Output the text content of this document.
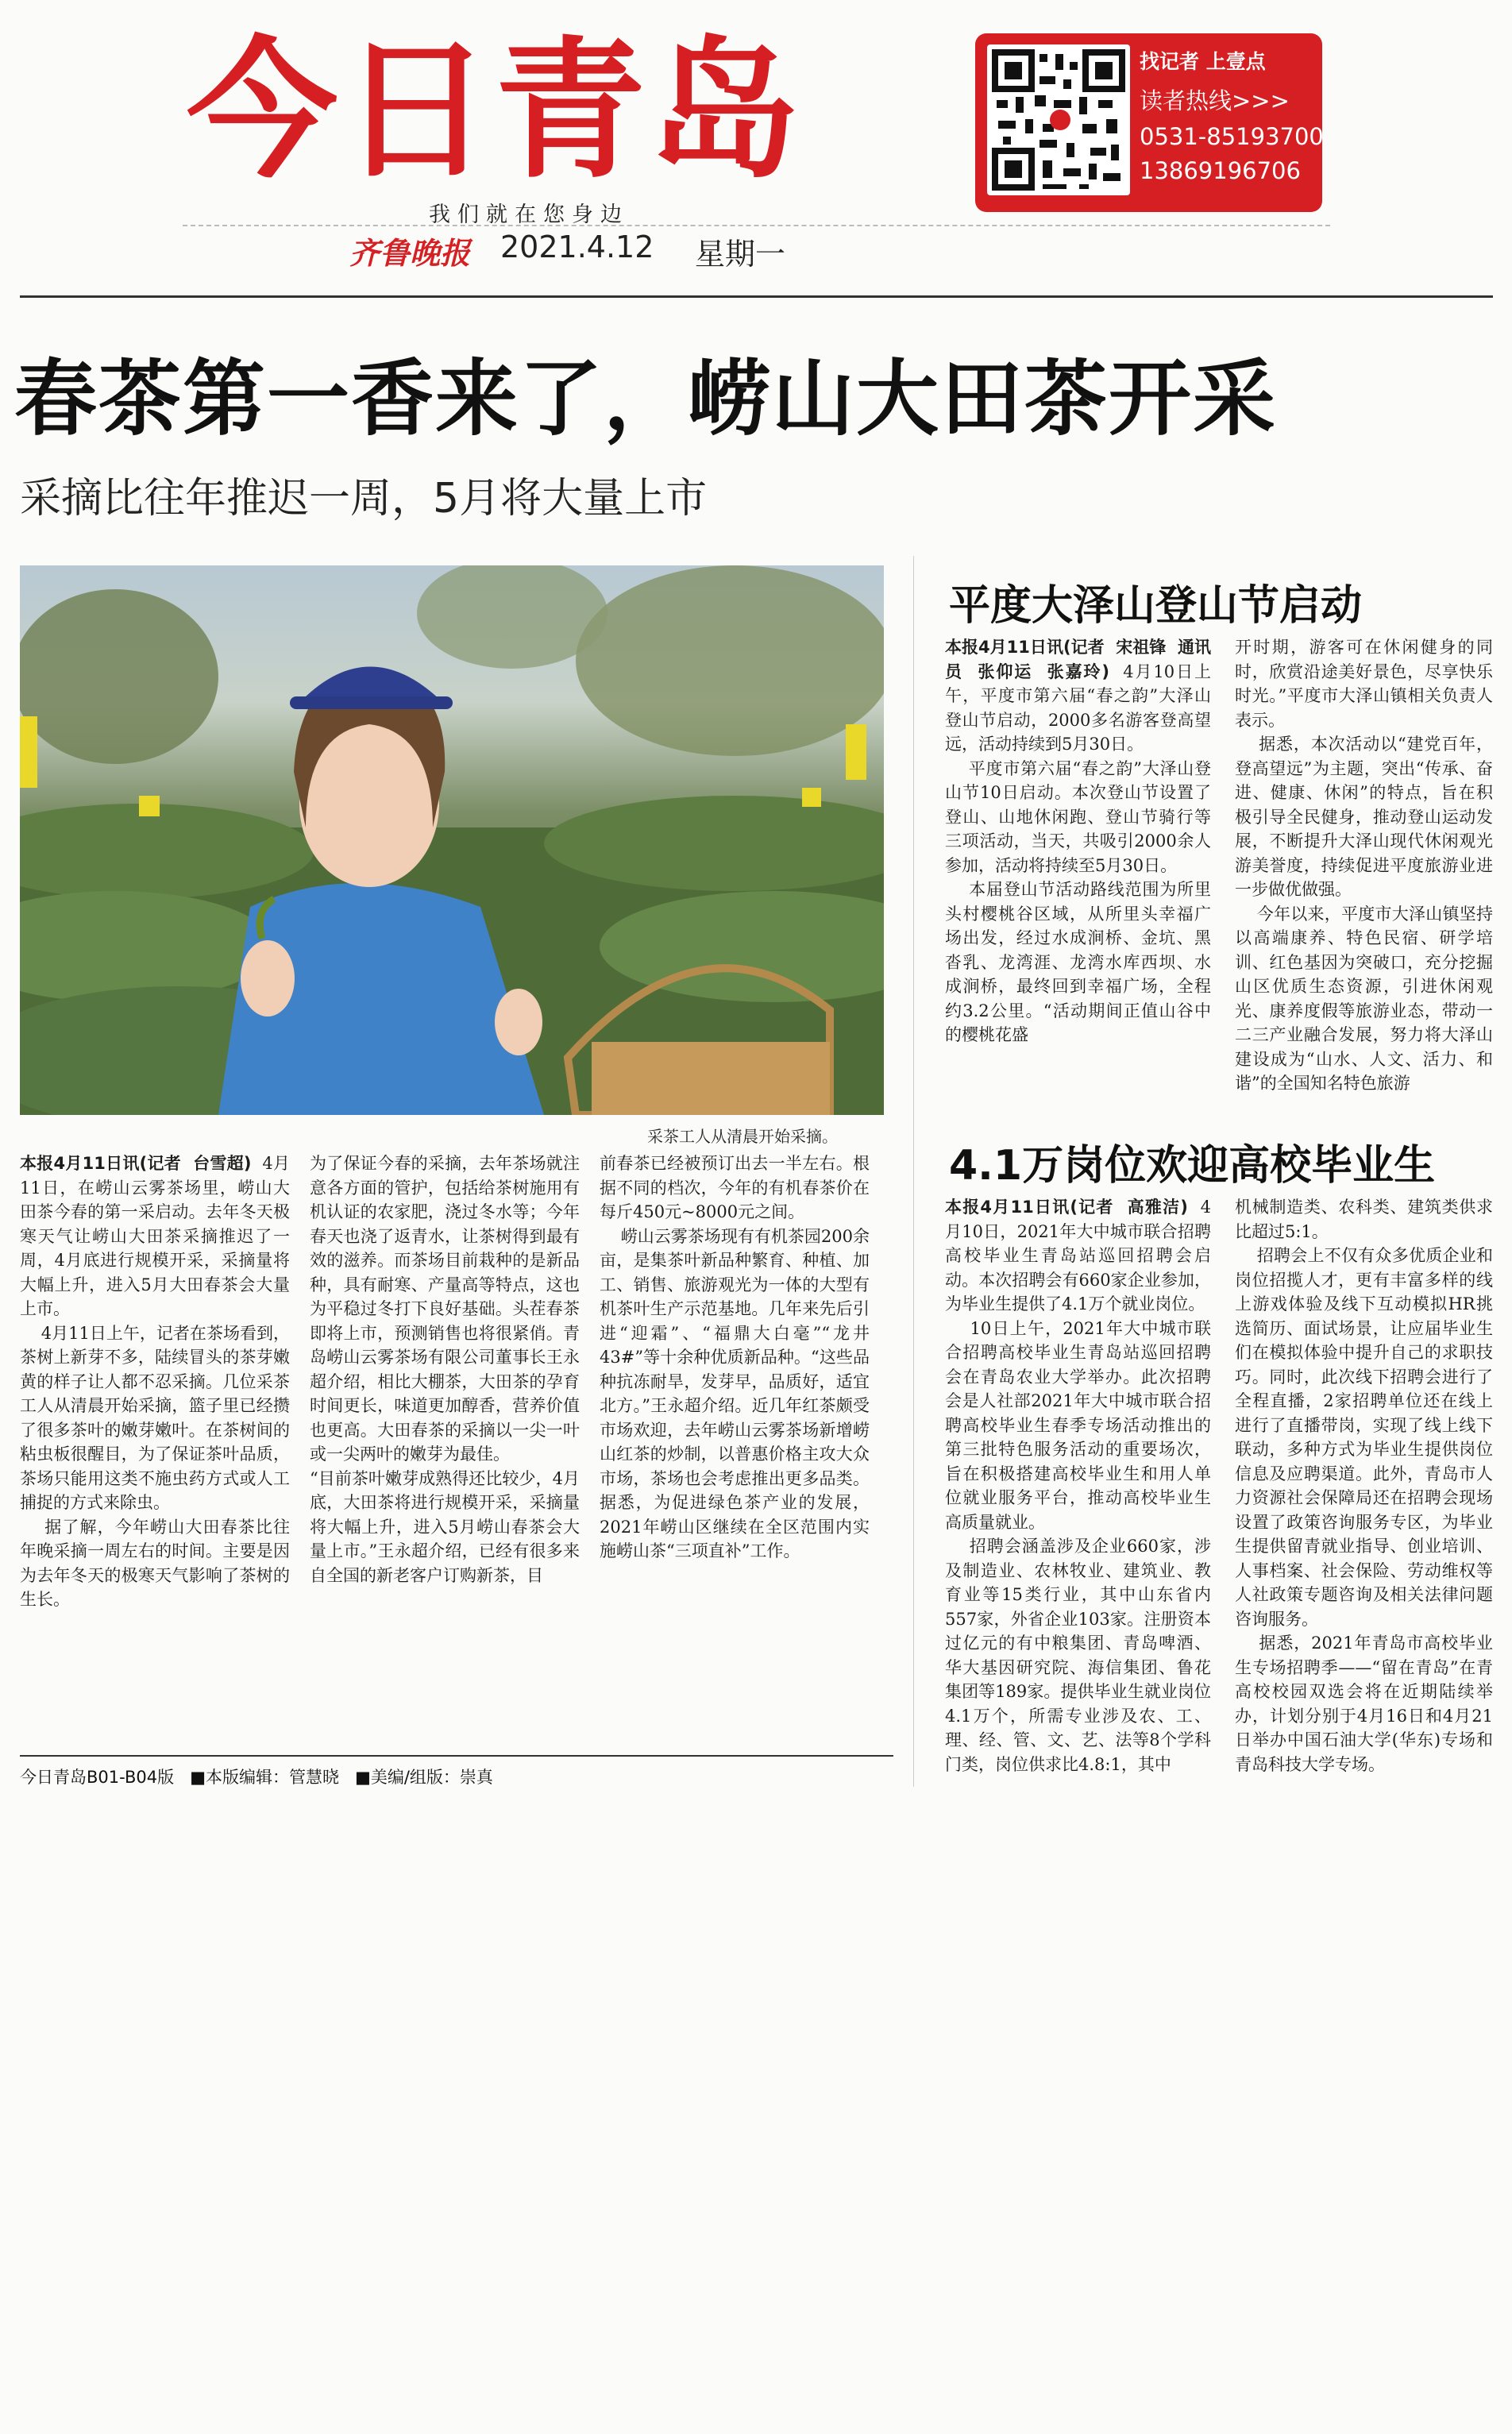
今日青岛
我们就在您身边
齐鲁晚报 2021.4.12 星期一
找记者 上壹点
读者热线>>>
0531-85193700
13869196706
春茶第一香来了，崂山大田茶开采
采摘比往年推迟一周，5月将大量上市
采茶工人从清晨开始采摘。
本报4月11日讯(记者  台雪超)  4月11日，在崂山云雾茶场里，崂山大田茶今春的第一采启动。去年冬天极寒天气让崂山大田茶采摘推迟了一周，4月底进行规模开采，采摘量将大幅上升，进入5月大田春茶会大量上市。
4月11日上午，记者在茶场看到，茶树上新芽不多，陆续冒头的茶芽嫩黄的样子让人都不忍采摘。几位采茶工人从清晨开始采摘，篮子里已经攒了很多茶叶的嫩芽嫩叶。在茶树间的粘虫板很醒目，为了保证茶叶品质，茶场只能用这类不施虫药方式或人工捕捉的方式来除虫。
据了解，今年崂山大田春茶比往年晚采摘一周左右的时间。主要是因为去年冬天的极寒天气影响了茶树的生长。
为了保证今春的采摘，去年茶场就注意各方面的管护，包括给茶树施用有机认证的农家肥，浇过冬水等；今年春天也浇了返青水，让茶树得到最有效的滋养。而茶场目前栽种的是新品种，具有耐寒、产量高等特点，这也为平稳过冬打下良好基础。头茬春茶即将上市，预测销售也将很紧俏。青岛崂山云雾茶场有限公司董事长王永超介绍，相比大棚茶，大田茶的孕育时间更长，味道更加醇香，营养价值也更高。大田春茶的采摘以一尖一叶或一尖两叶的嫩芽为最佳。
“目前茶叶嫩芽成熟得还比较少，4月底，大田茶将进行规模开采，采摘量将大幅上升，进入5月崂山春茶会大量上市。”王永超介绍，已经有很多来自全国的新老客户订购新茶，目
前春茶已经被预订出去一半左右。根据不同的档次，今年的有机春茶价在每斤450元~8000元之间。
崂山云雾茶场现有有机茶园200余亩，是集茶叶新品种繁育、种植、加工、销售、旅游观光为一体的大型有机茶叶生产示范基地。几年来先后引进“迎霜”、“福鼎大白毫”“龙井43#”等十余种优质新品种。“这些品种抗冻耐旱，发芽早，品质好，适宜北方。”王永超介绍。近几年红茶颇受市场欢迎，去年崂山云雾茶场新增崂山红茶的炒制，以普惠价格主攻大众市场，茶场也会考虑推出更多品类。据悉，为促进绿色茶产业的发展，2021年崂山区继续在全区范围内实施崂山茶“三项直补”工作。
今日青岛B01-B04版 ■本版编辑：管慧晓 ■美编/组版：崇真
平度大泽山登山节启动
本报4月11日讯(记者  宋祖锋  通讯员  张仰运  张嘉玲)  4月10日上午，平度市第六届“春之韵”大泽山登山节启动，2000多名游客登高望远，活动持续到5月30日。
平度市第六届“春之韵”大泽山登山节10日启动。本次登山节设置了登山、山地休闲跑、登山节骑行等三项活动，当天，共吸引2000余人参加，活动将持续至5月30日。
本届登山节活动路线范围为所里头村樱桃谷区域，从所里头幸福广场出发，经过水成涧桥、金坑、黑沓乳、龙湾涯、龙湾水库西坝、水成涧桥，最终回到幸福广场，全程约3.2公里。“活动期间正值山谷中的樱桃花盛
开时期，游客可在休闲健身的同时，欣赏沿途美好景色，尽享快乐时光。”平度市大泽山镇相关负责人表示。
据悉，本次活动以“建党百年，登高望远”为主题，突出“传承、奋进、健康、休闲”的特点，旨在积极引导全民健身，推动登山运动发展，不断提升大泽山现代休闲观光游美誉度，持续促进平度旅游业进一步做优做强。
今年以来，平度市大泽山镇坚持以高端康养、特色民宿、研学培训、红色基因为突破口，充分挖掘山区优质生态资源，引进休闲观光、康养度假等旅游业态，带动一二三产业融合发展，努力将大泽山建设成为“山水、人文、活力、和谐”的全国知名特色旅游
4.1万岗位欢迎高校毕业生
本报4月11日讯(记者  高雅洁)  4月10日，2021年大中城市联合招聘高校毕业生青岛站巡回招聘会启动。本次招聘会有660家企业参加，为毕业生提供了4.1万个就业岗位。
10日上午，2021年大中城市联合招聘高校毕业生青岛站巡回招聘会在青岛农业大学举办。此次招聘会是人社部2021年大中城市联合招聘高校毕业生春季专场活动推出的第三批特色服务活动的重要场次，旨在积极搭建高校毕业生和用人单位就业服务平台，推动高校毕业生高质量就业。
招聘会涵盖涉及企业660家，涉及制造业、农林牧业、建筑业、教育业等15类行业，其中山东省内557家，外省企业103家。注册资本过亿元的有中粮集团、青岛啤酒、华大基因研究院、海信集团、鲁花集团等189家。提供毕业生就业岗位4.1万个，所需专业涉及农、工、理、经、管、文、艺、法等8个学科门类，岗位供求比4.8:1，其中
机械制造类、农科类、建筑类供求比超过5:1。
招聘会上不仅有众多优质企业和岗位招揽人才，更有丰富多样的线上游戏体验及线下互动模拟HR挑选简历、面试场景，让应届毕业生们在模拟体验中提升自己的求职技巧。同时，此次线下招聘会进行了全程直播，2家招聘单位还在线上进行了直播带岗，实现了线上线下联动，多种方式为毕业生提供岗位信息及应聘渠道。此外，青岛市人力资源社会保障局还在招聘会现场设置了政策咨询服务专区，为毕业生提供留青就业指导、创业培训、人事档案、社会保险、劳动维权等人社政策专题咨询及相关法律问题咨询服务。
据悉，2021年青岛市高校毕业生专场招聘季——“留在青岛”在青高校校园双选会将在近期陆续举办，计划分别于4月16日和4月21日举办中国石油大学(华东)专场和青岛科技大学专场。
